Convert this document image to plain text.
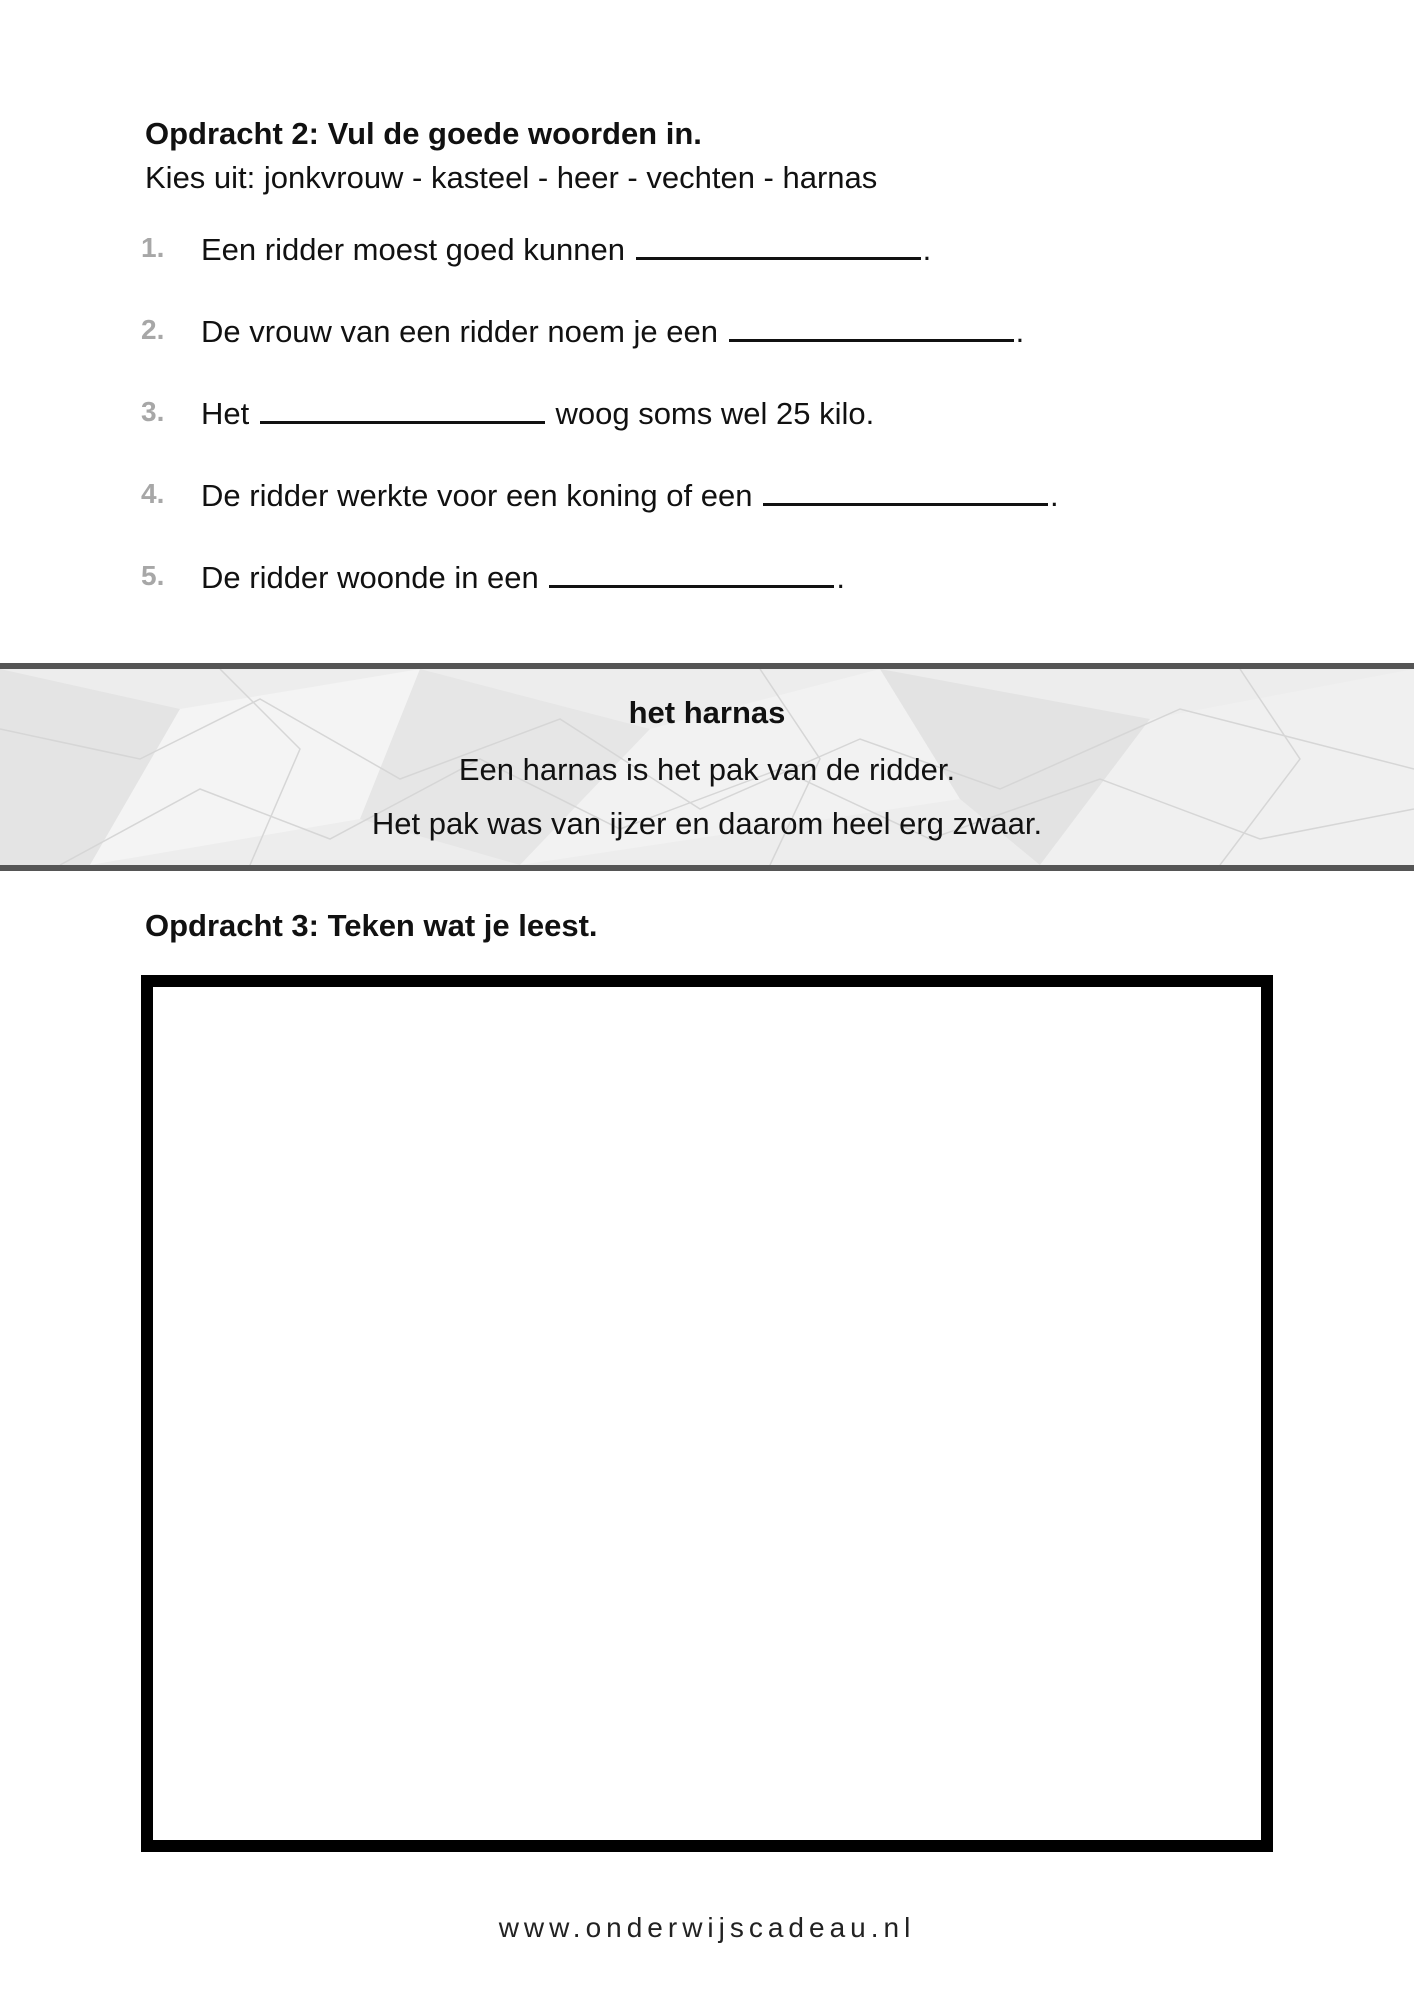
Opdracht 2: Vul de goede woorden in.
Kies uit: jonkvrouw - kasteel - heer - vechten - harnas
1.	Een ridder moest goed kunnen	.
2.	De vrouw van een ridder noem je een	.
3.	Het	woog soms wel 25 kilo.
4.	De ridder werkte voor een koning of een	.
5.	De ridder woonde in een	.
het harnas
Een harnas is het pak van de ridder.
Het pak was van ijzer en daarom heel erg zwaar.
Opdracht 3: Teken wat je leest.
www.onderwijscadeau.nl
